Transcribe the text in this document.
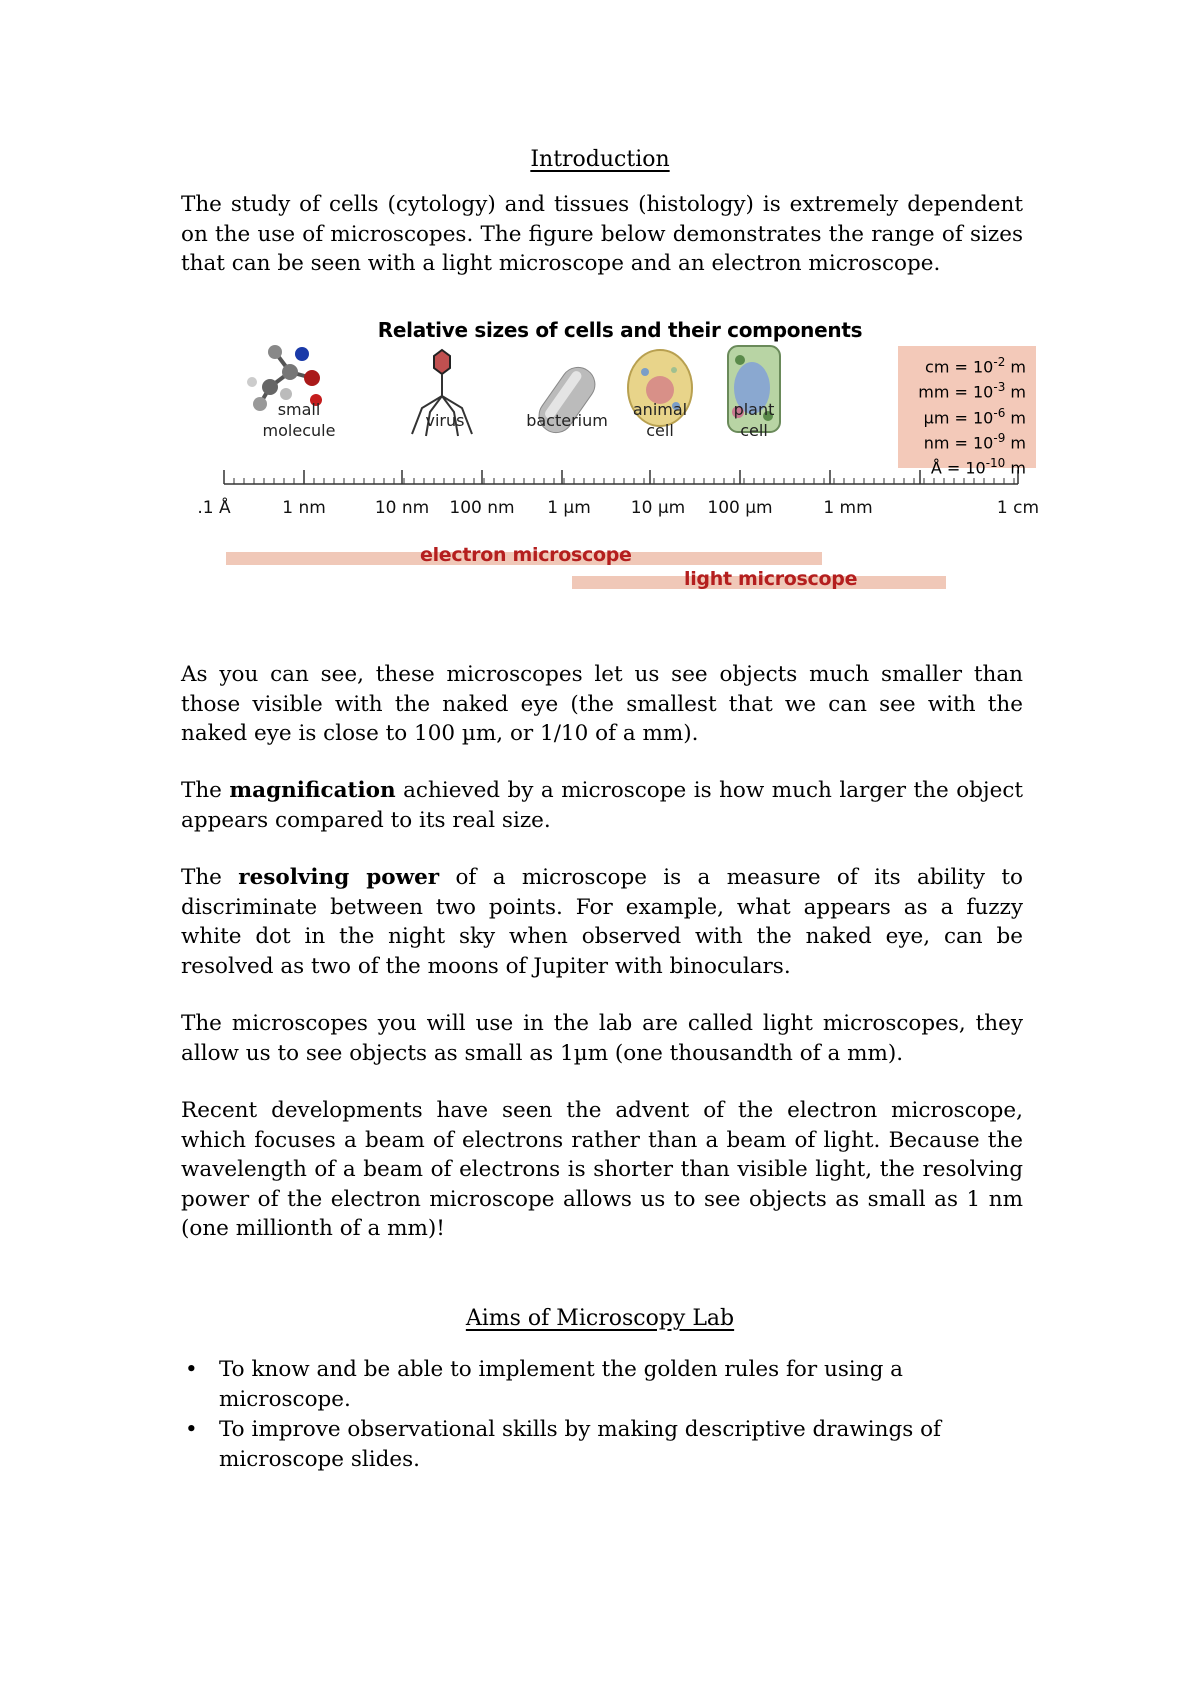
Introduction

The study of cells (cytology) and tissues (histology) is extremely dependent on the use of microscopes. The figure below demonstrates the range of sizes that can be seen with a light microscope and an electron microscope.

Relative sizes of cells and their components
small
molecule
virus	bacterium
animal
cell
plant
cell
cm = $10^{-2}$ m
mm = $10^{-3}$ m
$\mu m = 10^{-6}$ m
nm = $10^{-9}$ m
Å = $10^{-10}$ m
.1 Å	1 nm	10 nm 100 nm 1 µm 10 µm 100 µm	1 mm	1 cm
electron microscope
light microscope

As you can see, these microscopes let us see objects much smaller than those visible with the naked eye (the smallest that we can see with the naked eye is close to 100 µm, or 1/10 of a mm).

The magnification achieved by a microscope is how much larger the object appears compared to its real size.

The resolving power of a microscope is a measure of its ability to discriminate between two points. For example, what appears as a fuzzy white dot in the night sky when observed with the naked eye, can be resolved as two of the moons of Jupiter with binoculars.

The microscopes you will use in the lab are called light microscopes, they allow us to see objects as small as 1µm (one thousandth of a mm).

Recent developments have seen the advent of the electron microscope, which focuses a beam of electrons rather than a beam of light. Because the wavelength of a beam of electrons is shorter than visible light, the resolving power of the electron microscope allows us to see objects as small as 1 nm (one millionth of a mm)!

Aims of Microscopy Lab
• To know and be able to implement the golden rules for using a microscope.
• To improve observational skills by making descriptive drawings of microscope slides.
